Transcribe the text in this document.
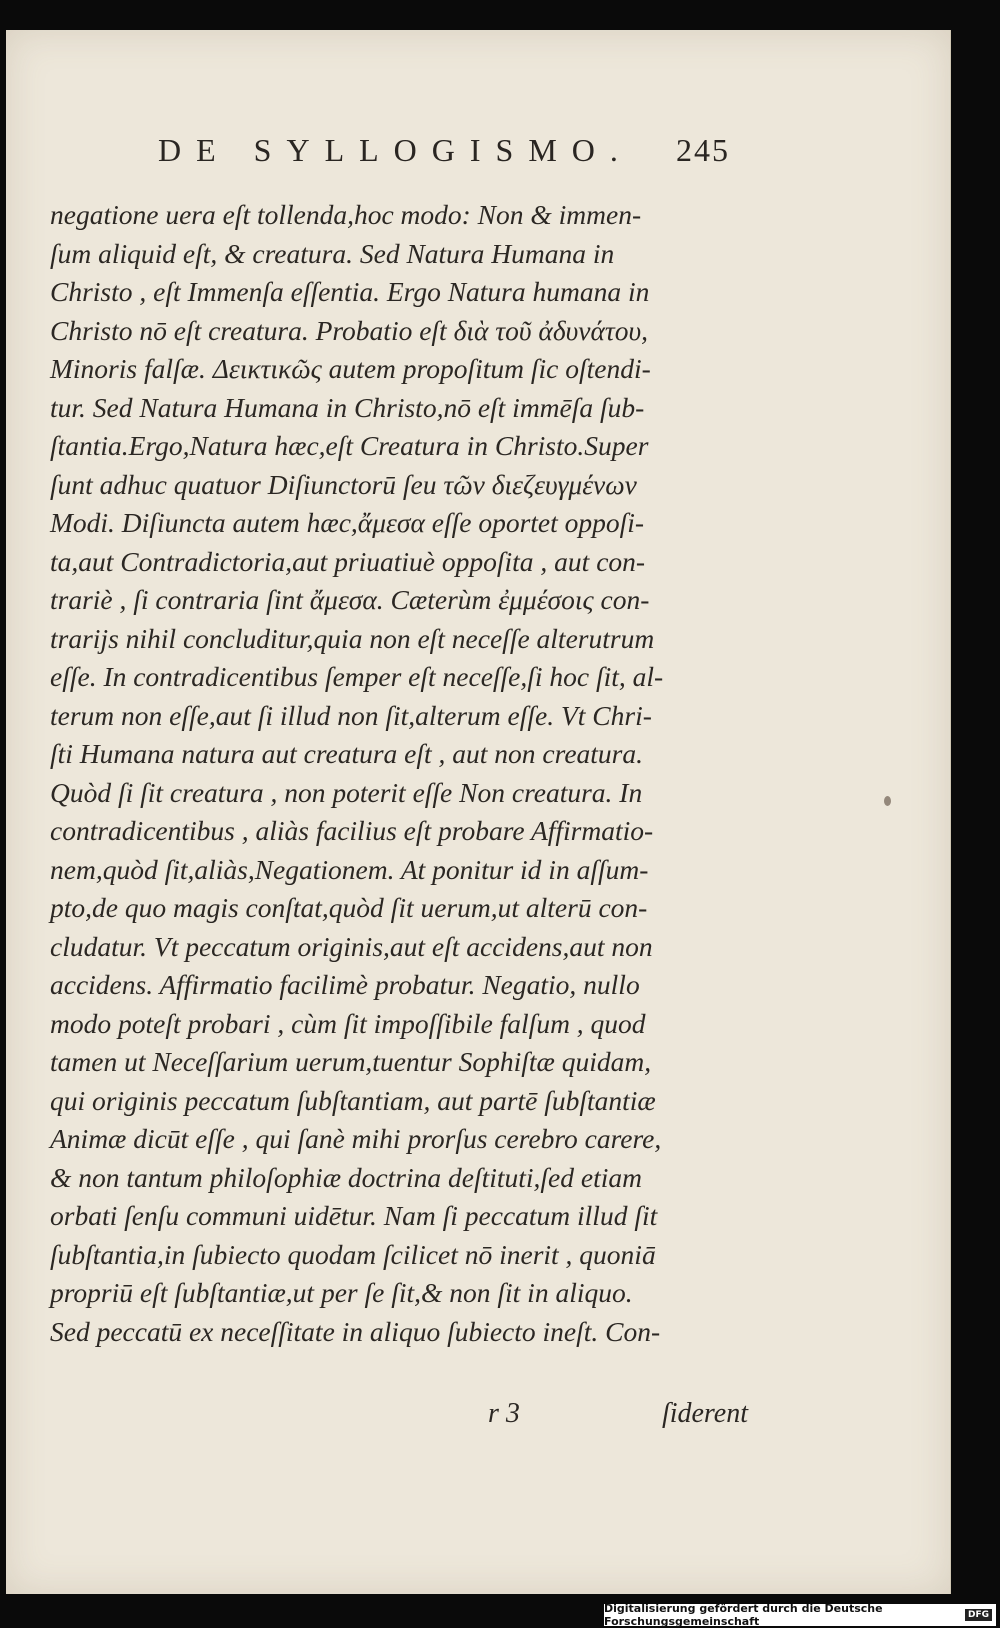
DE SYLLOGISMO. 245
negatione uera eſt tollenda,hoc modo: Non & immen-
ſum aliquid eſt, & creatura. Sed Natura Humana in
Christo , eſt Immenſa eſſentia. Ergo Natura humana in
Christo nō eſt creatura. Probatio eſt διὰ τοῦ ἀδυνάτου,
Minoris falſæ. Δεικτικῶς autem propoſitum ſic oſtendi-
tur. Sed Natura Humana in Christo,nō eſt immēſa ſub-
ſtantia.Ergo,Natura hæc,eſt Creatura in Christo.Super
ſunt adhuc quatuor Diſiunctorū ſeu τῶν διεζευγμένων
Modi. Diſiuncta autem hæc,ἄμεσα eſſe oportet oppoſi-
ta,aut Contradictoria,aut priuatiuè oppoſita , aut con-
trariè , ſi contraria ſint ἄμεσα. Cæterùm ἐμμέσοις con-
trarijs nihil concluditur,quia non eſt neceſſe alterutrum
eſſe. In contradicentibus ſemper eſt neceſſe,ſi hoc ſit, al-
terum non eſſe,aut ſi illud non ſit,alterum eſſe. Vt Chri-
ſti Humana natura aut creatura eſt , aut non creatura.
Quòd ſi ſit creatura , non poterit eſſe Non creatura. In
contradicentibus , aliàs facilius eſt probare Affirmatio-
nem,quòd ſit,aliàs,Negationem. At ponitur id in aſſum-
pto,de quo magis conſtat,quòd ſit uerum,ut alterū con-
cludatur. Vt peccatum originis,aut eſt accidens,aut non
accidens. Affirmatio facilimè probatur. Negatio, nullo
modo poteſt probari , cùm ſit impoſſibile falſum , quod
tamen ut Neceſſarium uerum,tuentur Sophiſtæ quidam,
qui originis peccatum ſubſtantiam, aut partē ſubſtantiæ
Animæ dicūt eſſe , qui ſanè mihi prorſus cerebro carere,
& non tantum philoſophiæ doctrina deſtituti,ſed etiam
orbati ſenſu communi uidētur. Nam ſi peccatum illud ſit
ſubſtantia,in ſubiecto quodam ſcilicet nō inerit , quoniā
propriū eſt ſubſtantiæ,ut per ſe ſit,& non ſit in aliquo.
Sed peccatū ex neceſſitate in aliquo ſubiecto ineſt. Con-
r 3	ſiderent
Digitalisierung gefördert durch die Deutsche Forschungsgemeinschaft	DFG
